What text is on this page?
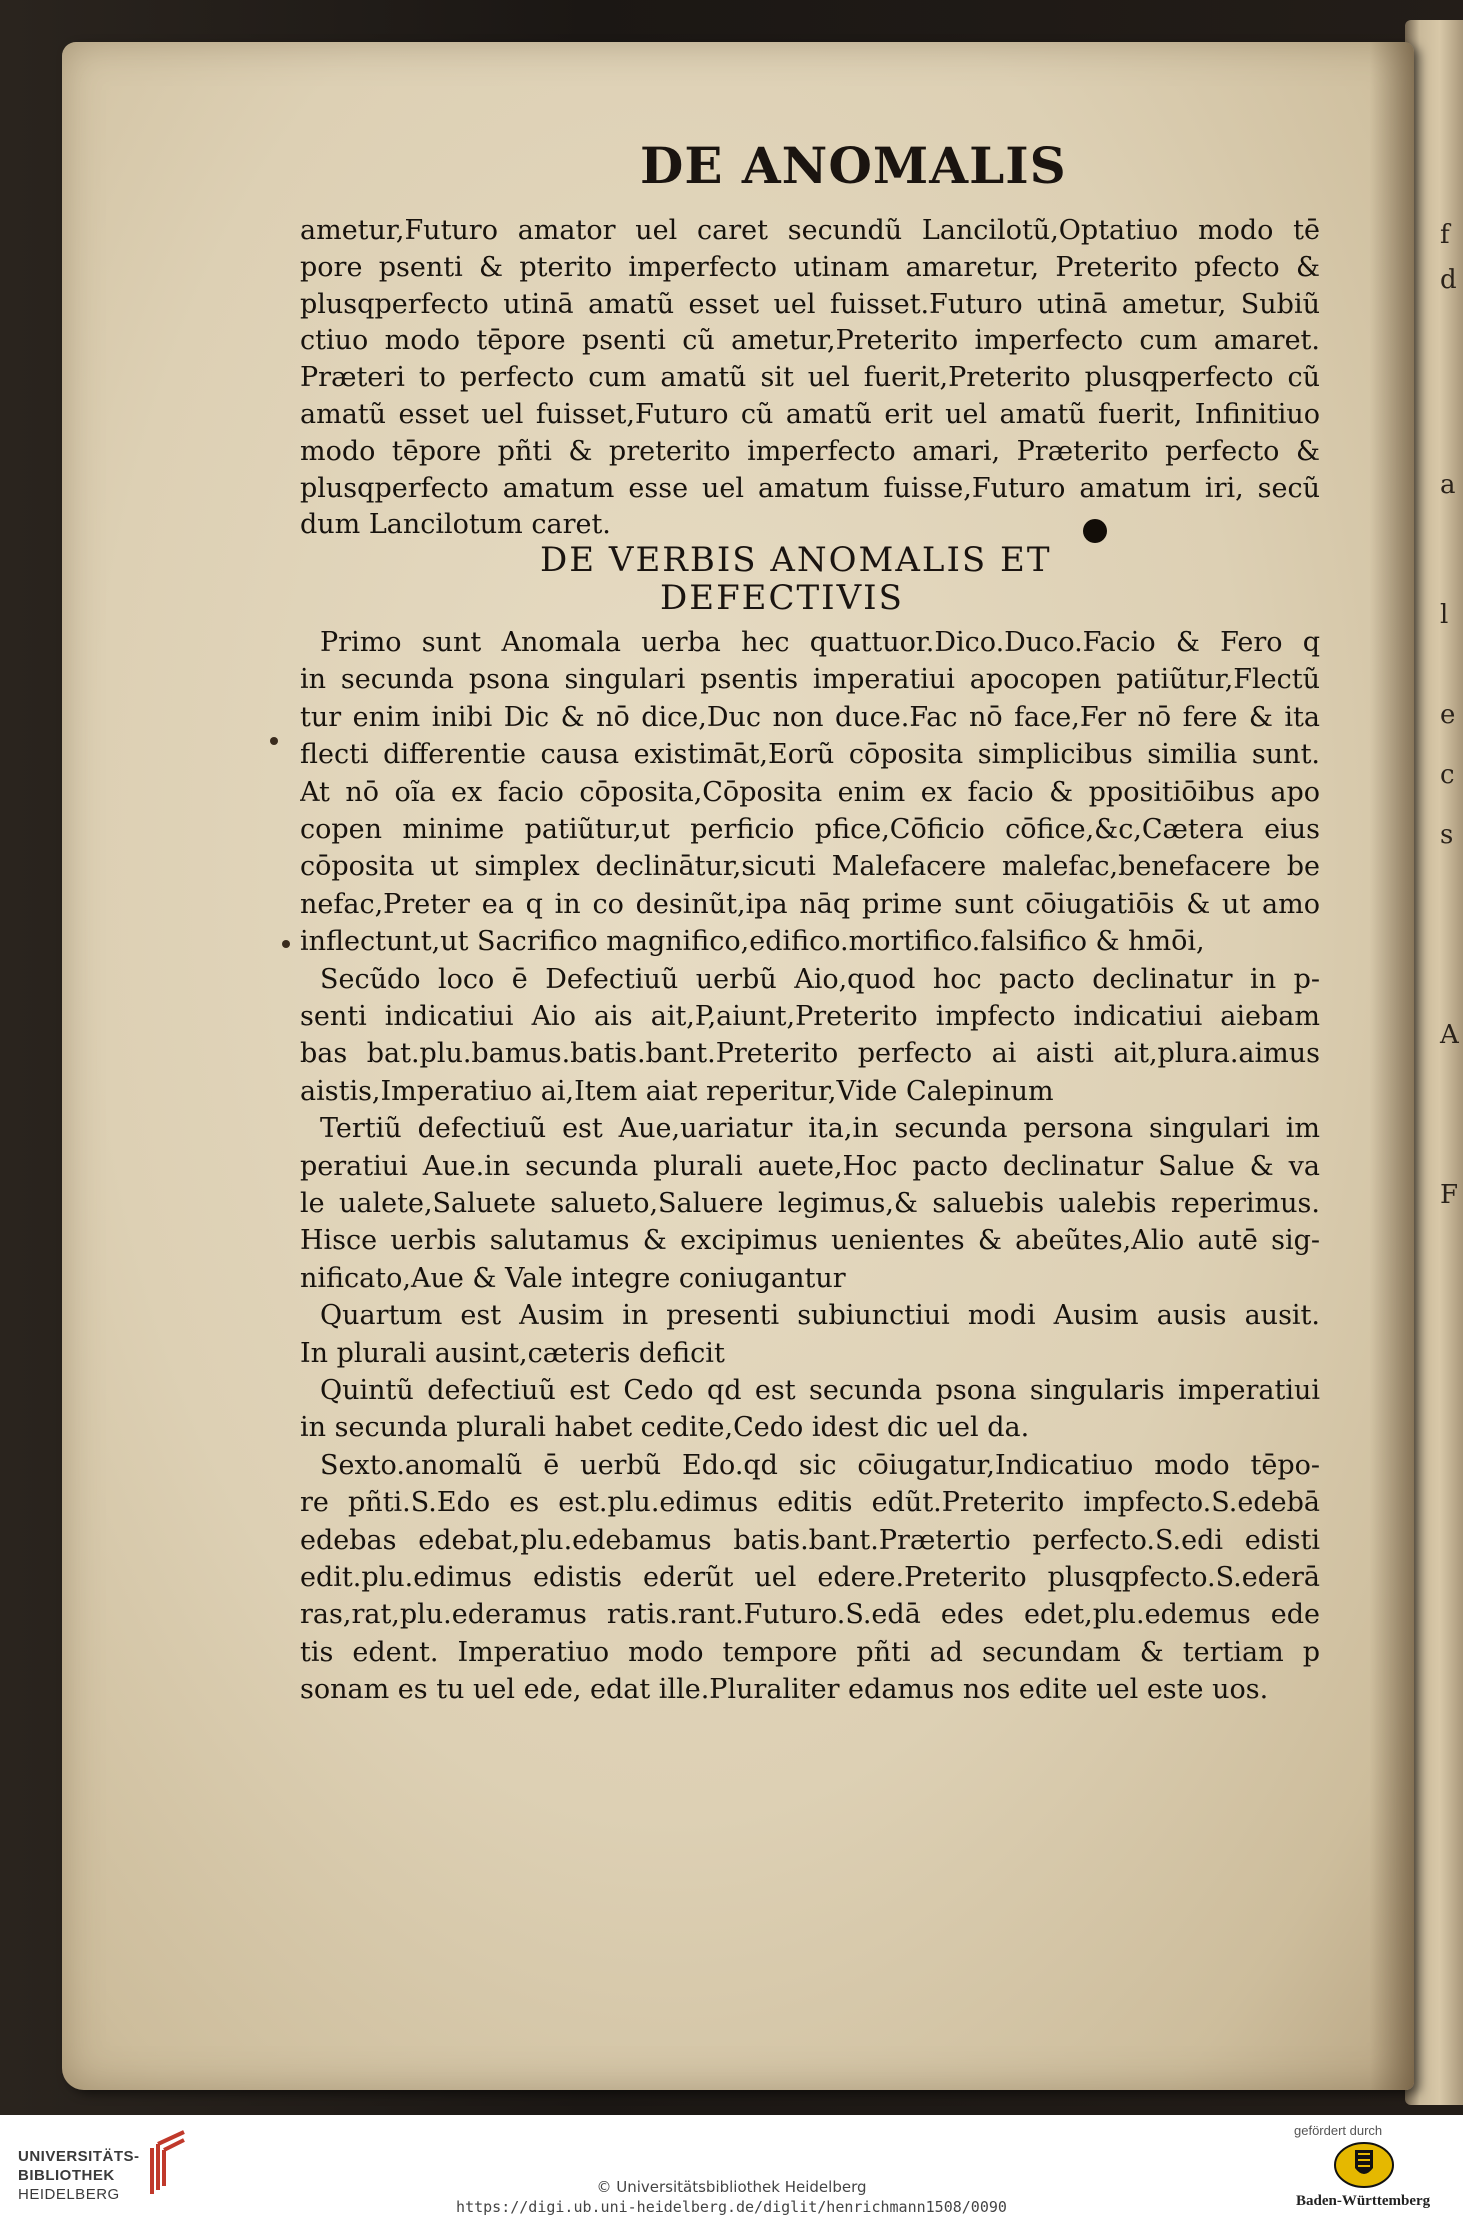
f
d
a
l
e
c
s
A
F
DE ANOMALIS
ametur,Futuro amator uel caret secundũ Lancilotũ,Optatiuo modo tē
pore psenti & pterito imperfecto utinam amaretur, Preterito pfecto &
plusqperfecto utinā amatũ esset uel fuisset.Futuro utinā ametur, Subiũ
ctiuo modo tēpore psenti cũ ametur,Preterito imperfecto cum amaret.
Præteri to perfecto cum amatũ sit uel fuerit,Preterito plusqperfecto cũ
amatũ esset uel fuisset,Futuro cũ amatũ erit uel amatũ fuerit, Infinitiuo
modo tēpore pñti & preterito imperfecto amari, Præterito perfecto &
plusqperfecto amatum esse uel amatum fuisse,Futuro amatum iri, secũ
dum Lancilotum caret.
DE VERBIS ANOMALIS ET
DEFECTIVIS
Primo sunt Anomala uerba hec quattuor.Dico.Duco.Facio & Fero q
in secunda psona singulari psentis imperatiui apocopen patiũtur,Flectũ
tur enim inibi Dic & nō dice,Duc non duce.Fac nō face,Fer nō fere & ita
flecti differentie causa existimāt,Eorũ cōposita simplicibus similia sunt.
At nō oĩa ex facio cōposita,Cōposita enim ex facio & ppositiōibus apo
copen minime patiũtur,ut perficio pfice,Cōficio cōfice,&c,Cætera eius
cōposita ut simplex declinātur,sicuti Malefacere malefac,benefacere be
nefac,Preter ea q in co desinũt,ipa nāq prime sunt cōiugatiōis & ut amo
inflectunt,ut Sacrifico magnifico,edifico.mortifico.falsifico & hmōi,
Secũdo loco ē Defectiuũ uerbũ Aio,quod hoc pacto declinatur in p-
senti indicatiui Aio ais ait,P,aiunt,Preterito impfecto indicatiui aiebam
bas bat.plu.bamus.batis.bant.Preterito perfecto ai aisti ait,plura.aimus
aistis,Imperatiuo ai,Item aiat reperitur,Vide Calepinum
Tertiũ defectiuũ est Aue,uariatur ita,in secunda persona singulari im
peratiui Aue.in secunda plurali auete,Hoc pacto declinatur Salue & va
le ualete,Saluete salueto,Saluere legimus,& saluebis ualebis reperimus.
Hisce uerbis salutamus & excipimus uenientes & abeũtes,Alio autē sig-
nificato,Aue & Vale integre coniugantur
Quartum est Ausim in presenti subiunctiui modi Ausim ausis ausit.
In plurali ausint,cæteris deficit
Quintũ defectiuũ est Cedo qd est secunda psona singularis imperatiui
in secunda plurali habet cedite,Cedo idest dic uel da.
Sexto.anomalũ ē uerbũ Edo.qd sic cōiugatur,Indicatiuo modo tēpo-
re pñti.S.Edo es est.plu.edimus editis edũt.Preterito impfecto.S.edebā
edebas edebat,plu.edebamus batis.bant.Prætertio perfecto.S.edi edisti
edit.plu.edimus edistis ederũt uel edere.Preterito plusqpfecto.S.ederā
ras,rat,plu.ederamus ratis.rant.Futuro.S.edā edes edet,plu.edemus ede
tis edent. Imperatiuo modo tempore pñti ad secundam & tertiam p
sonam es tu uel ede, edat ille.Pluraliter edamus nos edite uel este uos.
UNIVERSITÄTS-
BIBLIOTHEK
HEIDELBERG	© Universitätsbibliothek Heidelberg
https://digi.ub.uni-heidelberg.de/diglit/henrichmann1508/0090
gefördert durch
Baden-Württemberg
